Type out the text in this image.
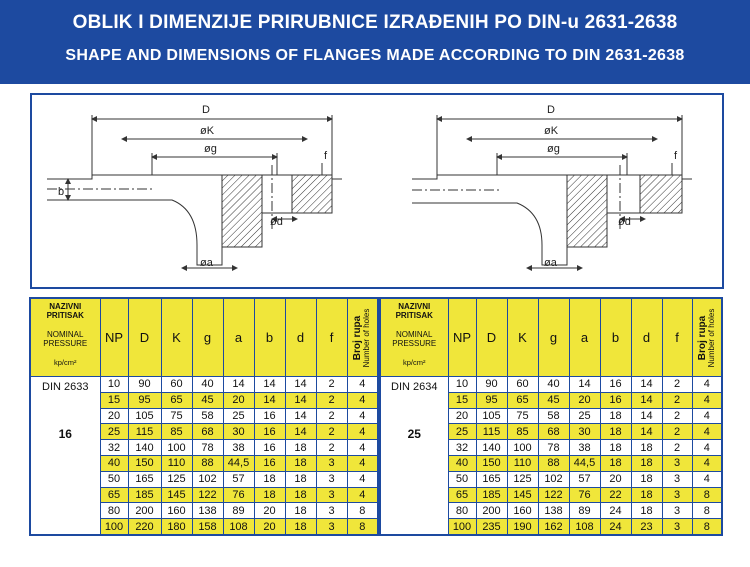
OBLIK I DIMENZIJE PRIRUBNICE IZRAĐENIH PO DIN-u 2631-2638
SHAPE AND DIMENSIONS OF FLANGES MADE ACCORDING TO DIN 2631-2638
D
øK
øg
ød
øa
b
f
D
øK
øg
ød
øa
f
NAZIVNI PRITISAK
NOMINAL PRESSURE
kp/cm²	NP	D	K	g	a	b	d	f	Broj rupa Number of holes

DIN 2633
16	10	90	60	40	14	14	14	2	4
	15	95	65	45	20	14	14	2	4
	20	105	75	58	25	16	14	2	4
	25	115	85	68	30	16	14	2	4
	32	140	100	78	38	16	18	2	4
	40	150	110	88	44,5	16	18	3	4
	50	165	125	102	57	18	18	3	4
	65	185	145	122	76	18	18	3	4
	80	200	160	138	89	20	18	3	8
	100	220	180	158	108	20	18	3	8
NAZIVNI PRITISAK
NOMINAL PRESSURE
kp/cm²	NP	D	K	g	a	b	d	f	Broj rupa Number of holes

DIN 2634
25	10	90	60	40	14	16	14	2	4
	15	95	65	45	20	16	14	2	4
	20	105	75	58	25	18	14	2	4
	25	115	85	68	30	18	14	2	4
	32	140	100	78	38	18	18	2	4
	40	150	110	88	44,5	18	18	3	4
	50	165	125	102	57	20	18	3	4
	65	185	145	122	76	22	18	3	8
	80	200	160	138	89	24	18	3	8
	100	235	190	162	108	24	23	3	8
